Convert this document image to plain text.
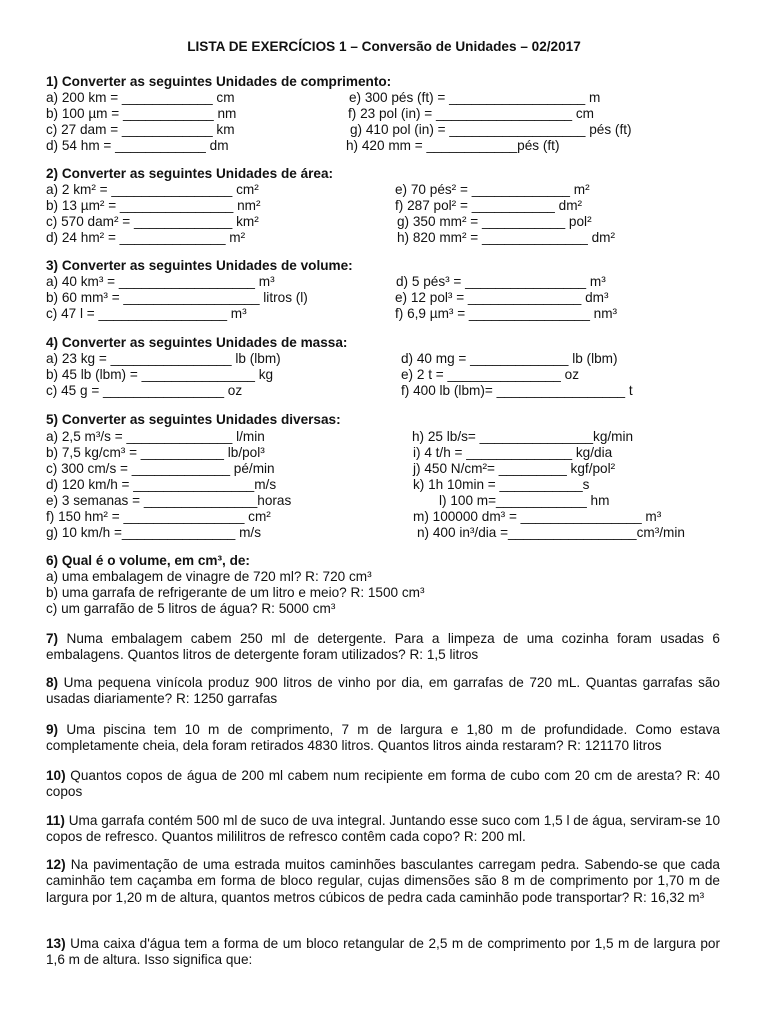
LISTA DE EXERCÍCIOS 1 – Conversão de Unidades – 02/2017
1) Converter as seguintes Unidades de comprimento:
a) 200 km = ____________ cm
b) 100 µm = ____________ nm
c) 27 dam = ____________ km
d) 54 hm = ____________ dm
e) 300 pés (ft) = __________________ m
f) 23 pol (in) = __________________ cm
g) 410 pol (in) = __________________ pés (ft)
h) 420 mm = ____________pés (ft)
2) Converter as seguintes Unidades de área:
a) 2 km² = ________________ cm²
b) 13 µm² = _______________ nm²
c) 570 dam² = _____________ km²
d) 24 hm² = ______________ m²
e) 70 pés² = _____________ m²
f) 287 pol² = ___________ dm²
g) 350 mm² = ___________ pol²
h) 820 mm² = ______________ dm²
3) Converter as seguintes Unidades de volume:
a) 40 km³ = __________________ m³
b) 60 mm³ = __________________ litros (l)
c) 47 l = _________________ m³
d) 5 pés³ = ________________ m³
e) 12 pol³ = _______________ dm³
f) 6,9 µm³ = ________________ nm³
4) Converter as seguintes Unidades de massa:
a) 23 kg = ________________ lb (lbm)
b) 45 lb (lbm) = _______________ kg
c) 45 g = ________________ oz
d) 40 mg = _____________ lb (lbm)
e) 2 t = _______________ oz
f) 400 lb (lbm)= _________________ t
5) Converter as seguintes Unidades diversas:
a) 2,5 m³/s = ______________ l/min
b) 7,5 kg/cm³ = ___________ lb/pol³
c) 300 cm/s = _____________ pé/min
d) 120 km/h = ________________m/s
e) 3 semanas = _______________horas
f) 150 hm² = ________________ cm²
g) 10 km/h =_______________ m/s
h) 25 lb/s= _______________kg/min
i) 4 t/h = ______________ kg/dia
j) 450 N/cm²= _________ kgf/pol²
k) 1h 10min = ___________s
l) 100 m=____________ hm
m) 100000 dm³ = ________________ m³
n) 400 in³/dia =_________________cm³/min
6) Qual é o volume, em cm³, de:
a) uma embalagem de vinagre de 720 ml? R: 720 cm³
b) uma garrafa de refrigerante de um litro e meio? R: 1500 cm³
c) um garrafão de 5 litros de água? R: 5000 cm³
7) Numa embalagem cabem 250 ml de detergente. Para a limpeza de uma cozinha foram usadas 6 embalagens. Quantos litros de detergente foram utilizados? R: 1,5 litros
8) Uma pequena vinícola produz 900 litros de vinho por dia, em garrafas de 720 mL. Quantas garrafas são usadas diariamente? R: 1250 garrafas
9) Uma piscina tem 10 m de comprimento, 7 m de largura e 1,80 m de profundidade. Como estava completamente cheia, dela foram retirados 4830 litros. Quantos litros ainda restaram? R: 121170 litros
10) Quantos copos de água de 200 ml cabem num recipiente em forma de cubo com 20 cm de aresta? R: 40 copos
11) Uma garrafa contém 500 ml de suco de uva integral. Juntando esse suco com 1,5 l de água, serviram-se 10 copos de refresco. Quantos mililitros de refresco contêm cada copo? R: 200 ml.
12) Na pavimentação de uma estrada muitos caminhões basculantes carregam pedra. Sabendo-se que cada caminhão tem caçamba em forma de bloco regular, cujas dimensões são 8 m de comprimento por 1,70 m de largura por 1,20 m de altura, quantos metros cúbicos de pedra cada caminhão pode transportar? R: 16,32 m³
13) Uma caixa d'água tem a forma de um bloco retangular de 2,5 m de comprimento por 1,5 m de largura por 1,6 m de altura. Isso significa que:
